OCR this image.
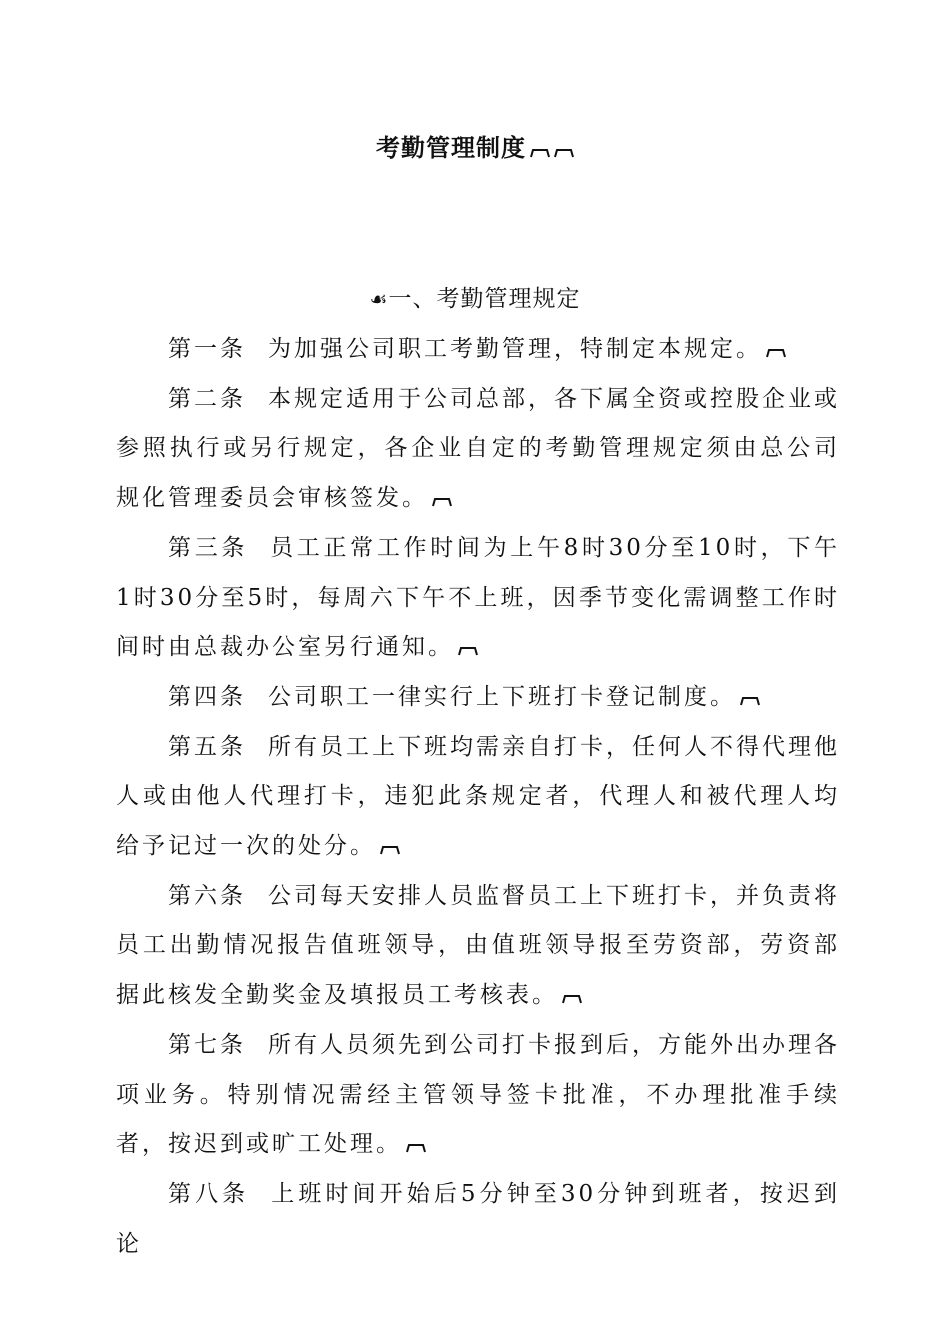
考勤管理制度
☙一、考勤管理规定

第一条 为加强公司职工考勤管理，特制定本规定。

第二条 本规定适用于公司总部，各下属全资或控股企业或参照执行或另行规定，各企业自定的考勤管理规定须由总公司规化管理委员会审核签发。

第三条 员工正常工作时间为上午8时30分至10时，下午1时30分至5时，每周六下午不上班，因季节变化需调整工作时间时由总裁办公室另行通知。

第四条 公司职工一律实行上下班打卡登记制度。

第五条 所有员工上下班均需亲自打卡，任何人不得代理他人或由他人代理打卡，违犯此条规定者，代理人和被代理人均给予记过一次的处分。

第六条 公司每天安排人员监督员工上下班打卡，并负责将员工出勤情况报告值班领导，由值班领导报至劳资部，劳资部据此核发全勤奖金及填报员工考核表。

第七条 所有人员须先到公司打卡报到后，方能外出办理各项业务。特别情况需经主管领导签卡批准，不办理批准手续者，按迟到或旷工处理。

第八条 上班时间开始后5分钟至30分钟到班者，按迟到论
